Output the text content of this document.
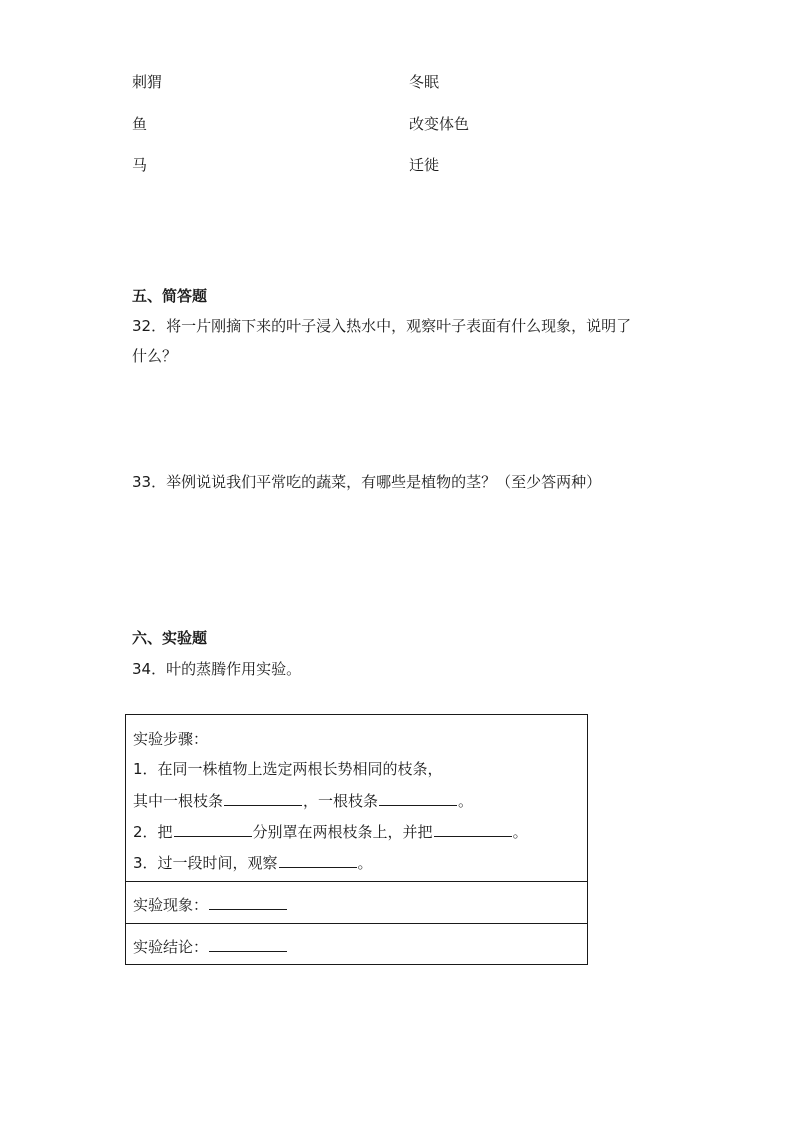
刺猬	冬眠
鱼	改变体色
马	迁徙
五、简答题
32．将一片刚摘下来的叶子浸入热水中，观察叶子表面有什么现象，说明了
什么？
33．举例说说我们平常吃的蔬菜，有哪些是植物的茎？（至少答两种）
六、实验题
34．叶的蒸腾作用实验。
实验步骤：
1．在同一株植物上选定两根长势相同的枝条，
其中一根枝条	，一根枝条	。
2．把	分别罩在两根枝条上，并把	。
3．过一段时间，观察	。
实验现象：
实验结论：
